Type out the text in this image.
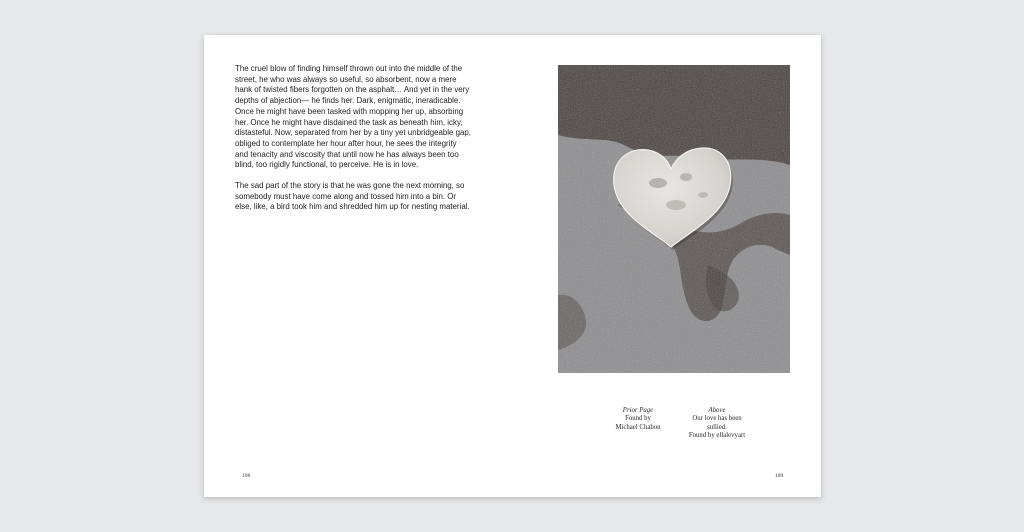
The cruel blow of finding himself thrown out into the middle of the street, he who was always so useful, so absorbent, now a mere hank of twisted fibers forgotten on the asphalt… And yet in the very depths of abjection— he finds her. Dark, enigmatic, ineradicable. Once he might have been tasked with mopping her up, absorbing her. Once he might have disdained the task as beneath him, icky, distasteful. Now, separated from her by a tiny yet unbridgeable gap, obliged to contemplate her hour after hour, he sees the integrity and tenacity and viscosity that until now he has always been too blind, too rigidly functional, to perceive. He is in love.

The sad part of the story is that he was gone the next morning, so somebody must have come along and tossed him into a bin. Or else, like, a bird took him and shredded him up for nesting material.

108
Prior Page
Found by
Michael Chabon
Above
Our love has been
sullied.
Found by ellalevyart
109
